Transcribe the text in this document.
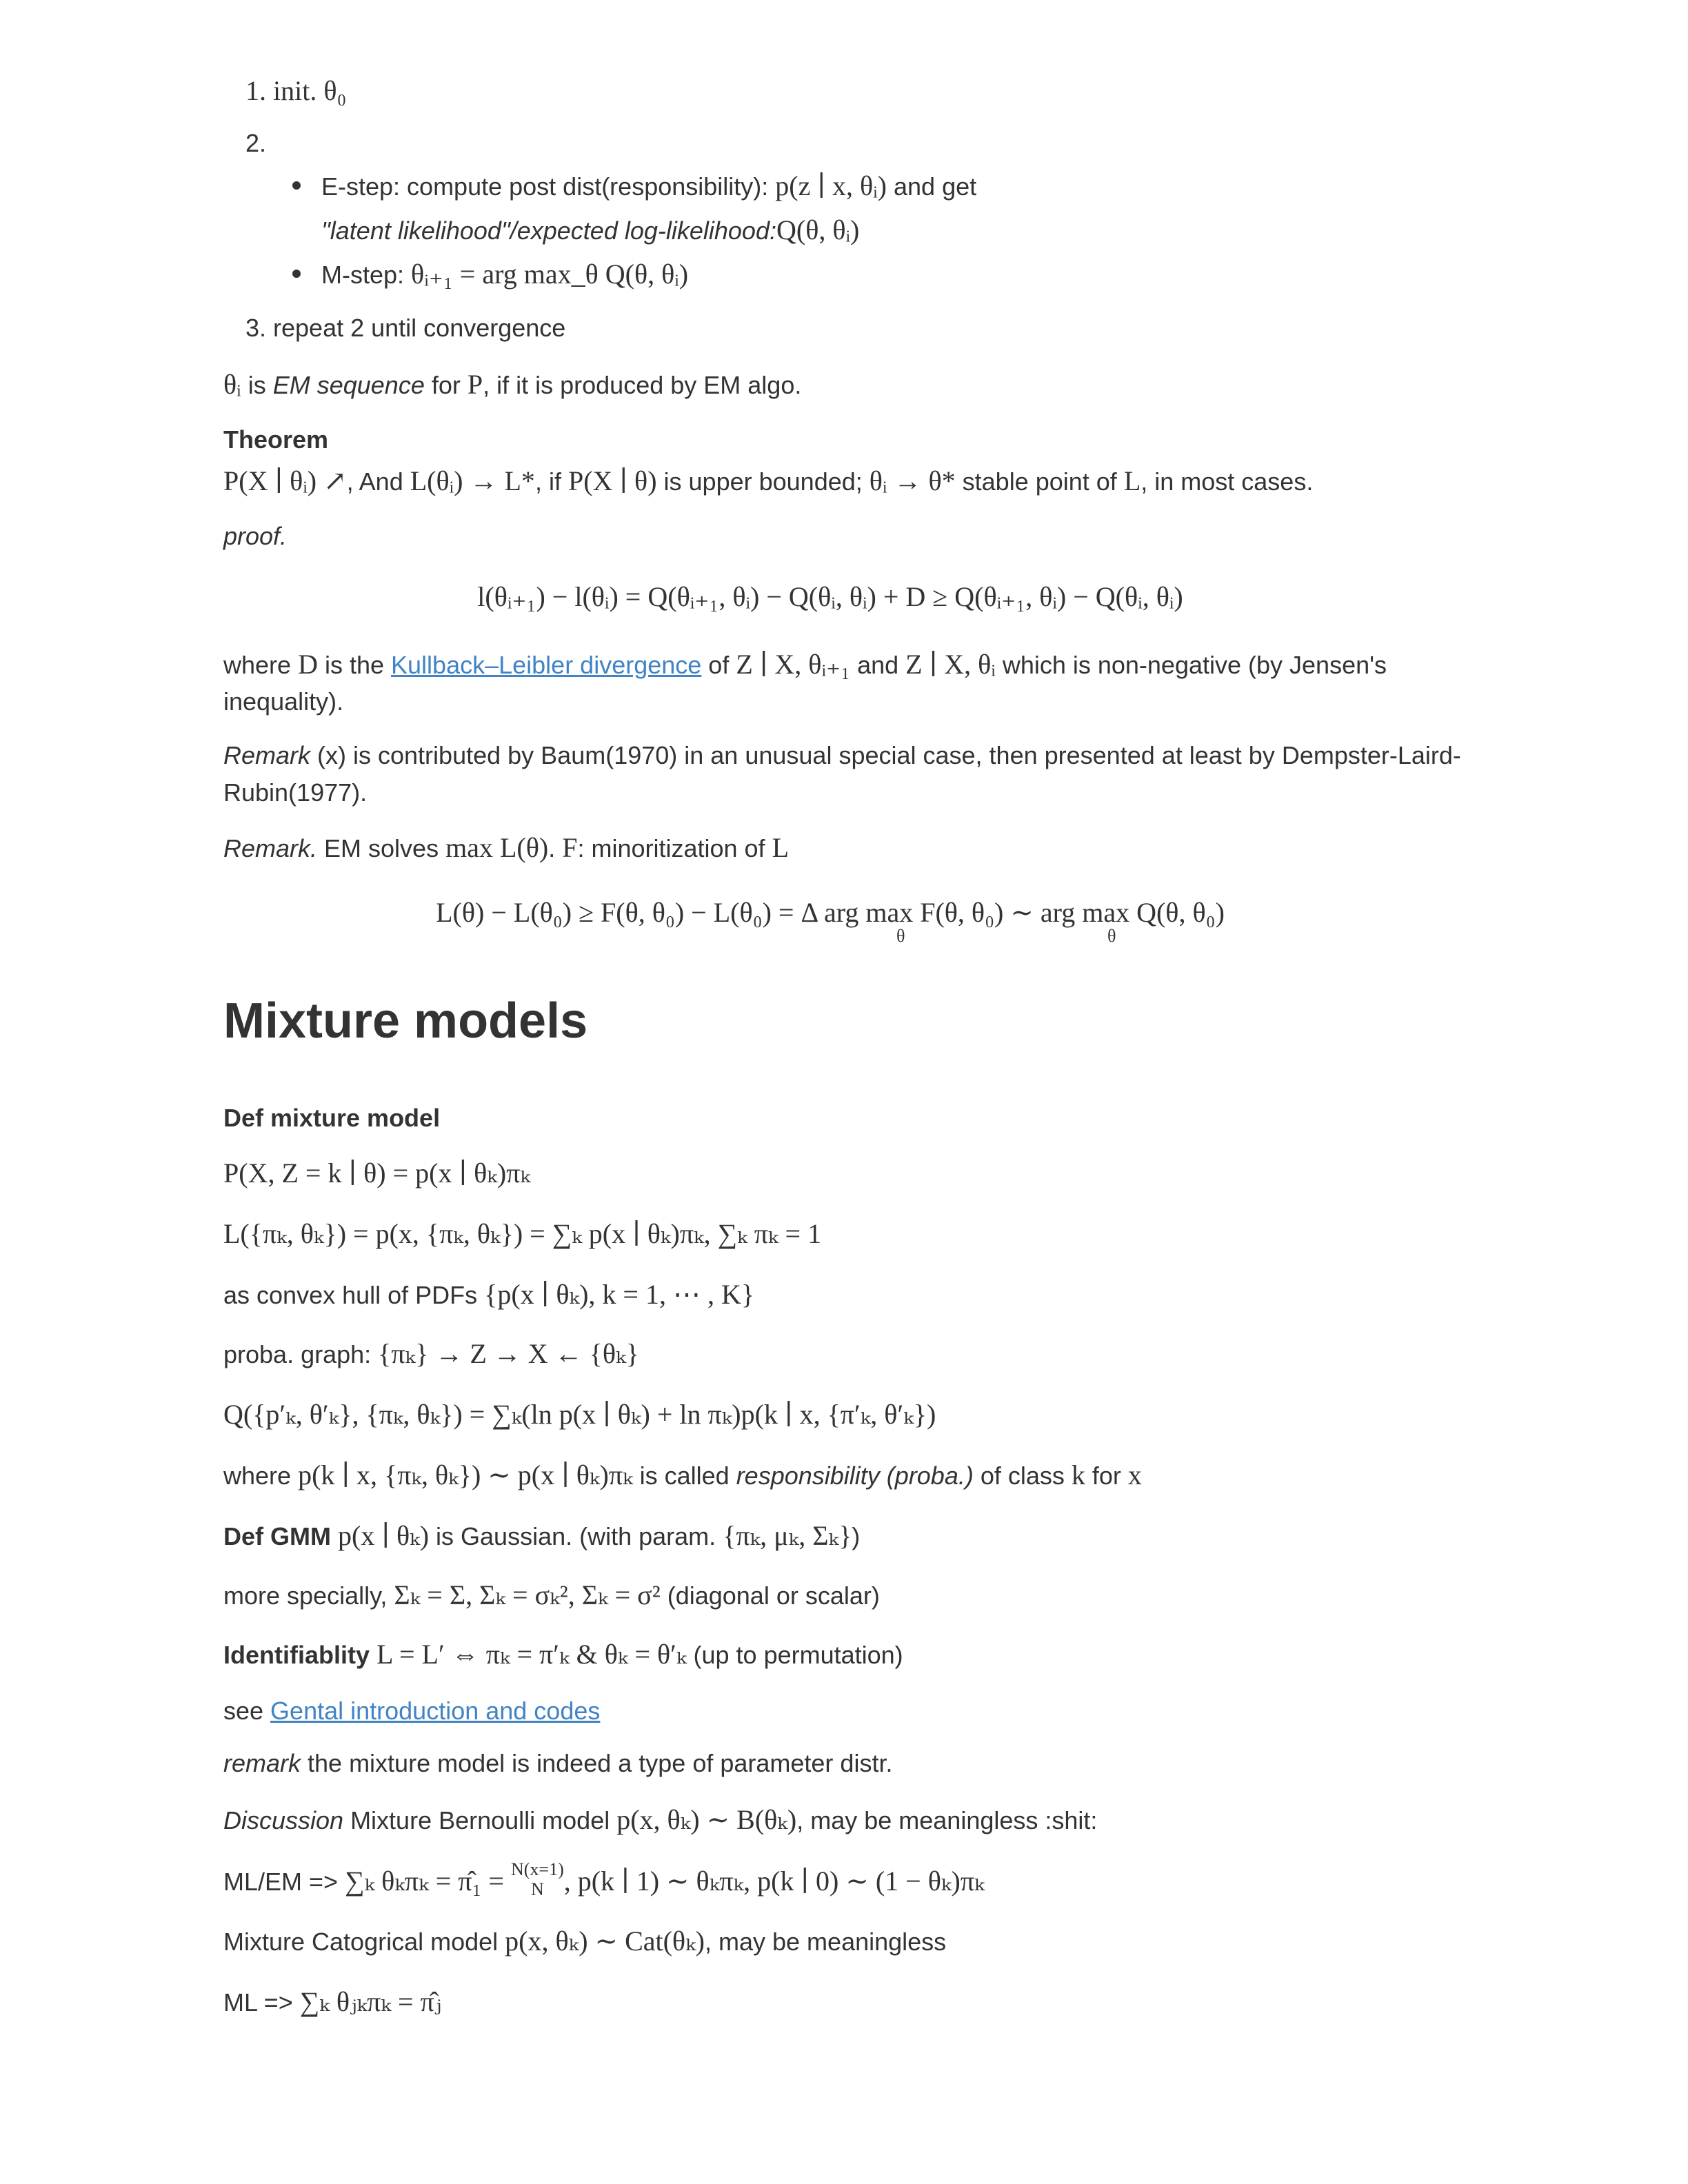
1. init. θ₀
2.
E-step: compute post dist(responsibility): p(z ∣ x, θᵢ) and get
"latent likelihood"/expected log-likelihood:Q(θ, θᵢ)
M-step: θᵢ₊₁ = arg max_θ Q(θ, θᵢ)
3. repeat 2 until convergence
θᵢ is EM sequence for P, if it is produced by EM algo.
Theorem
P(X ∣ θᵢ) ↗, And L(θᵢ) → L*, if P(X ∣ θ) is upper bounded; θᵢ → θ* stable point of L, in most cases.
proof.
l(θᵢ₊₁) − l(θᵢ) = Q(θᵢ₊₁, θᵢ) − Q(θᵢ, θᵢ) + D ≥ Q(θᵢ₊₁, θᵢ) − Q(θᵢ, θᵢ)
where D is the Kullback–Leibler divergence of Z ∣ X, θᵢ₊₁ and Z ∣ X, θᵢ which is non-negative (by Jensen's
inequality).
Remark (x) is contributed by Baum(1970) in an unusual special case, then presented at least by Dempster-Laird-
Rubin(1977).
Remark. EM solves max L(θ). F: minoritization of L
L(θ) − L(θ₀) ≥ F(θ, θ₀) − L(θ₀) = Δ arg max F(θ, θ₀) ∼ arg max Q(θ, θ₀)
θ	θ
Mixture models
Def mixture model
P(X, Z = k ∣ θ) = p(x ∣ θₖ)πₖ
L({πₖ, θₖ}) = p(x, {πₖ, θₖ}) = ∑ₖ p(x ∣ θₖ)πₖ, ∑ₖ πₖ = 1
as convex hull of PDFs {p(x ∣ θₖ), k = 1, ⋯ , K}
proba. graph: {πₖ} → Z → X ← {θₖ}
Q({p′ₖ, θ′ₖ}, {πₖ, θₖ}) = ∑ₖ(ln p(x ∣ θₖ) + ln πₖ)p(k ∣ x, {π′ₖ, θ′ₖ})
where p(k ∣ x, {πₖ, θₖ}) ∼ p(x ∣ θₖ)πₖ is called responsibility (proba.) of class k for x
Def GMM p(x ∣ θₖ) is Gaussian. (with param. {πₖ, μₖ, Σₖ})
more specially, Σₖ = Σ, Σₖ = σₖ², Σₖ = σ² (diagonal or scalar)
Identifiablity L = L′ ⇔ πₖ = π′ₖ & θₖ = θ′ₖ (up to permutation)
see Gental introduction and codes
remark the mixture model is indeed a type of parameter distr.
Discussion Mixture Bernoulli model p(x, θₖ) ∼ B(θₖ), may be meaningless :shit:
ML/EM => ∑ₖ θₖπₖ = π̂₁ = N(x=1)
N , p(k ∣ 1) ∼ θₖπₖ, p(k ∣ 0) ∼ (1 − θₖ)πₖ
Mixture Catogrical model p(x, θₖ) ∼ Cat(θₖ), may be meaningless
ML => ∑ₖ θⱼₖπₖ = π̂ⱼ
